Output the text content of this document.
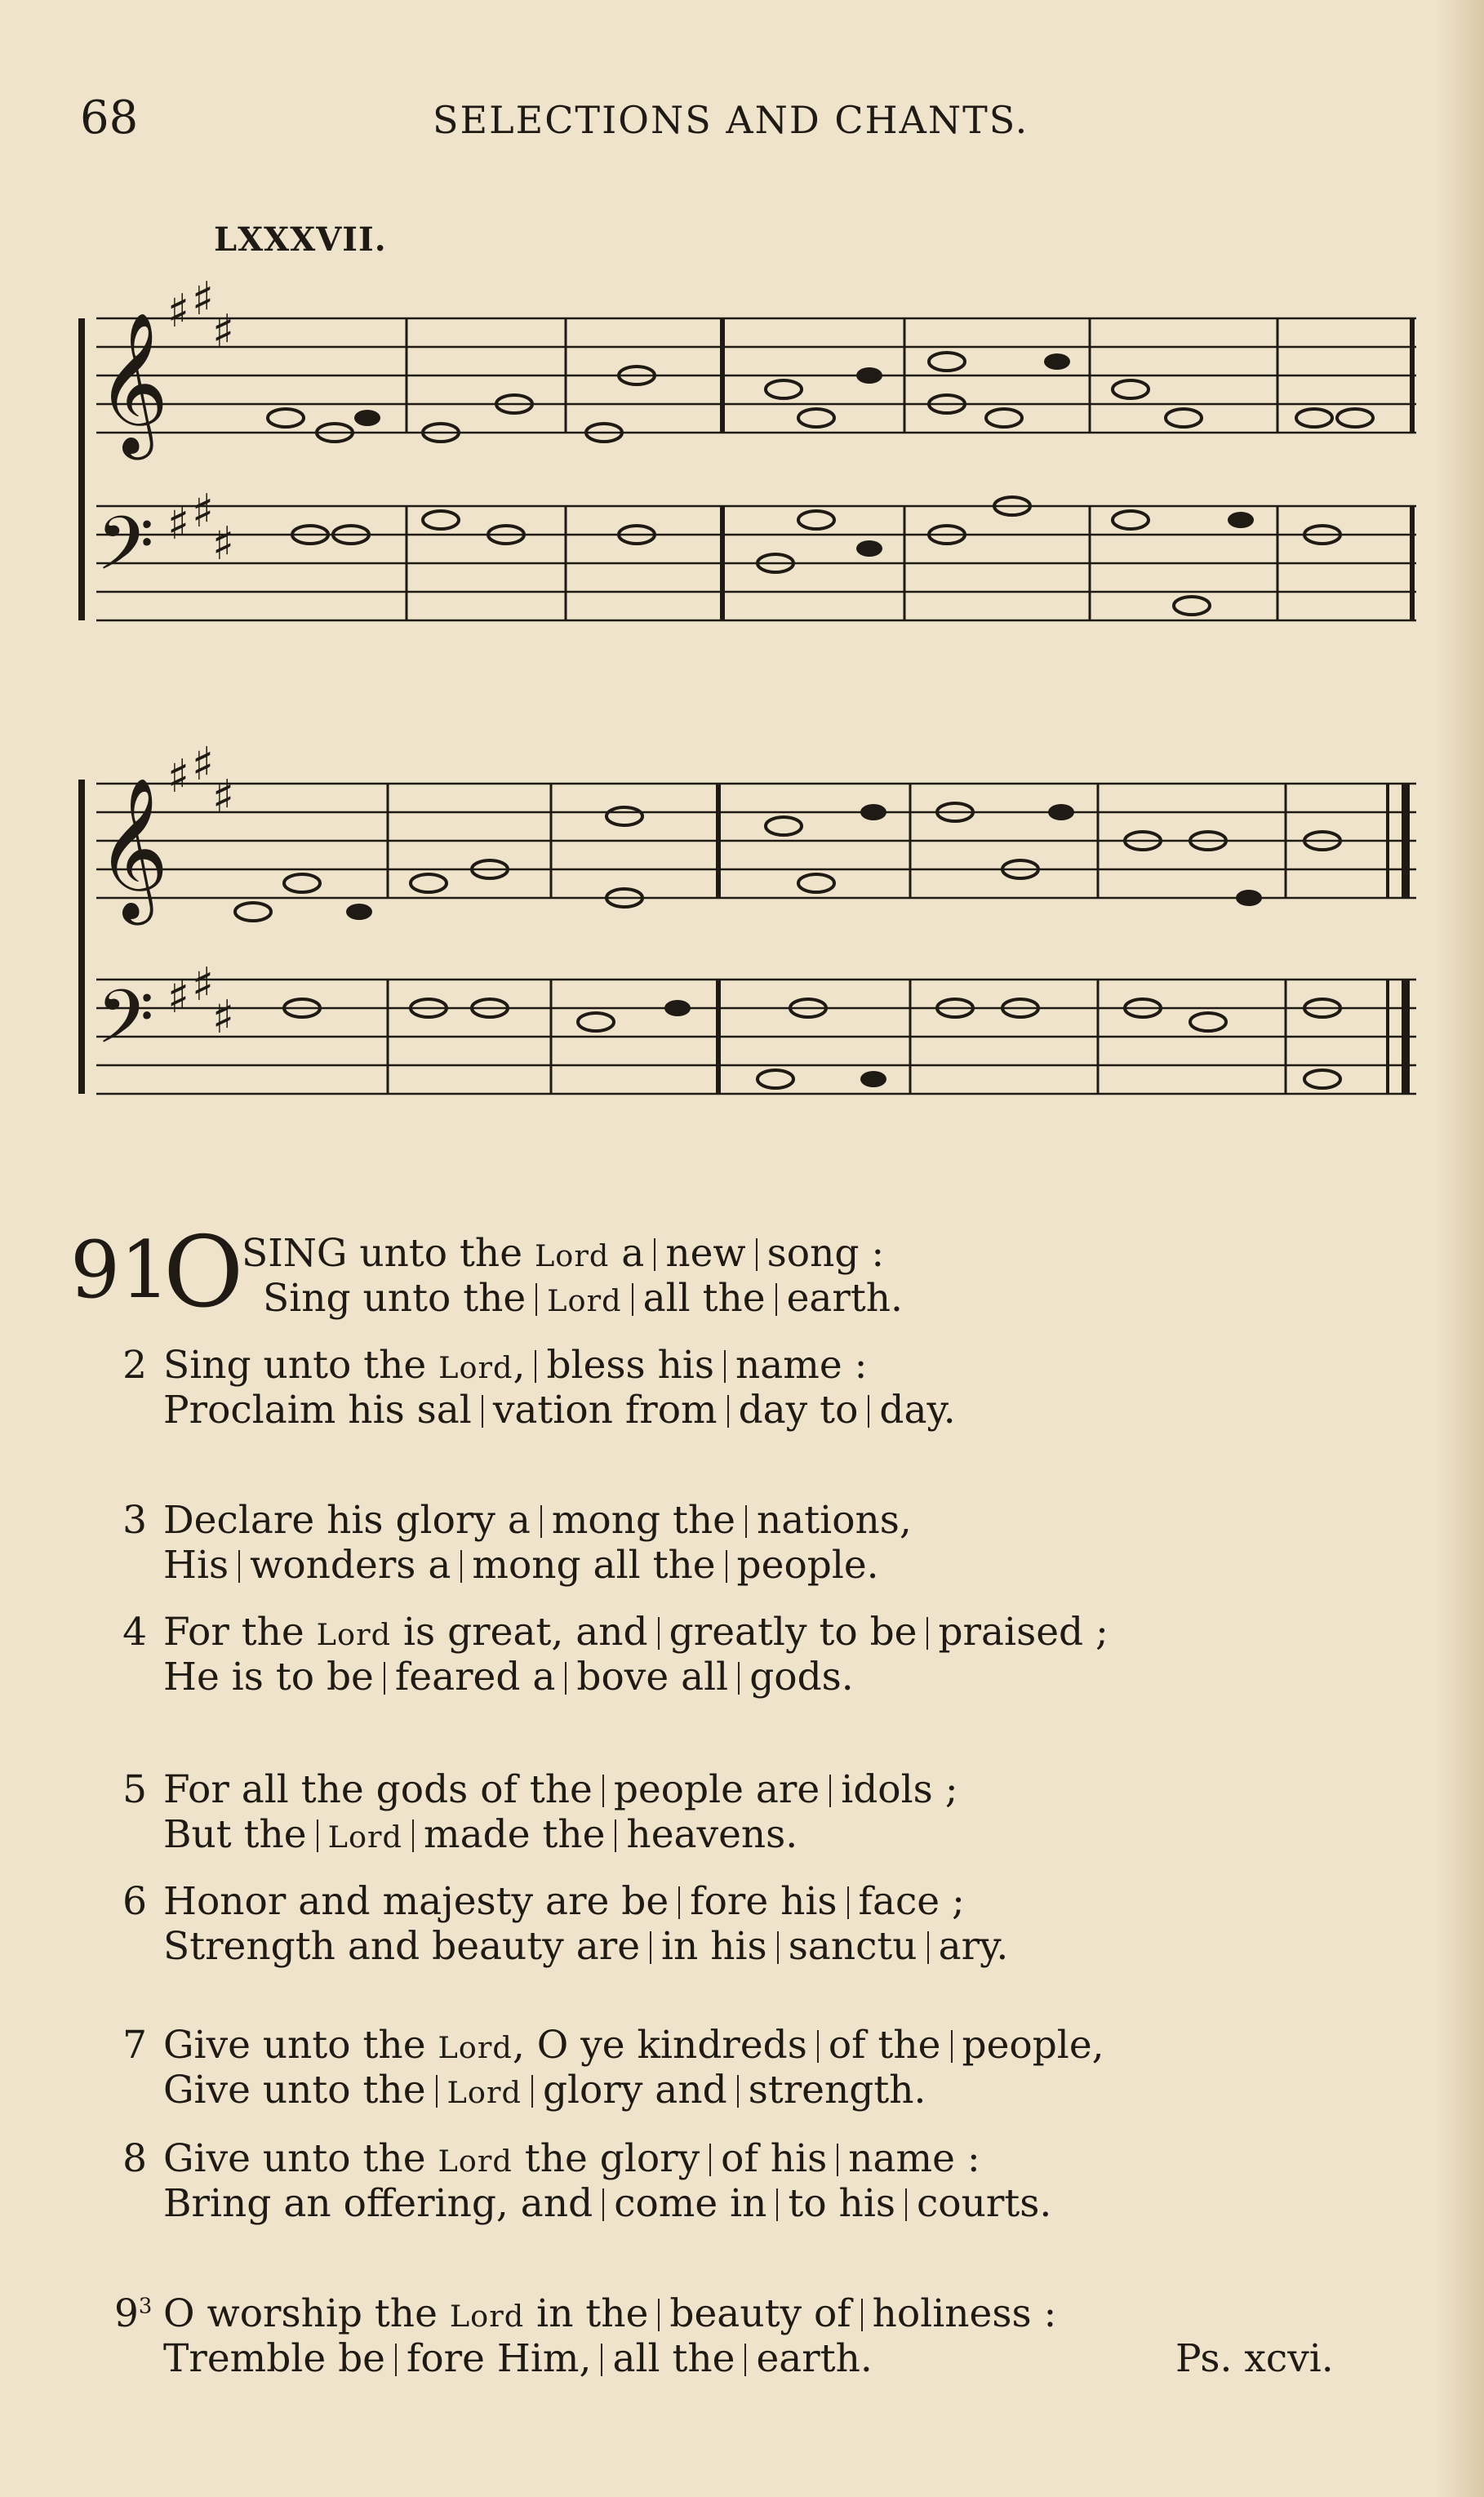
68	SELECTIONS AND CHANTS.
LXXXVII.
𝄞
𝄢
♯ ♯
♯
♯ ♯
♯
𝄞
𝄢
♯ ♯
♯
♯ ♯
♯
91
O
SING unto the Lord a new song :
Sing unto the Lord all the earth.
2 Sing unto the Lord, bless his name :
Proclaim his sal vation from day to day.
3 Declare his glory a mong the nations,
His wonders a mong all the people.
4 For the Lord is great, and greatly to be praised ;
He is to be feared a bove all gods.
5 For all the gods of the people are idols ;
But the Lord made the heavens.
6 Honor and majesty are be fore his face ;
Strength and beauty are in his sanctu ary.
7 Give unto the Lord, O ye kindreds of the people,
Give unto the Lord glory and strength.
8 Give unto the Lord the glory of his name :
Bring an offering, and come in to his courts.
$9^3$ O worship the Lord in the beauty of holiness :
Tremble be fore Him, all the earth.	Ps. xcvi.
